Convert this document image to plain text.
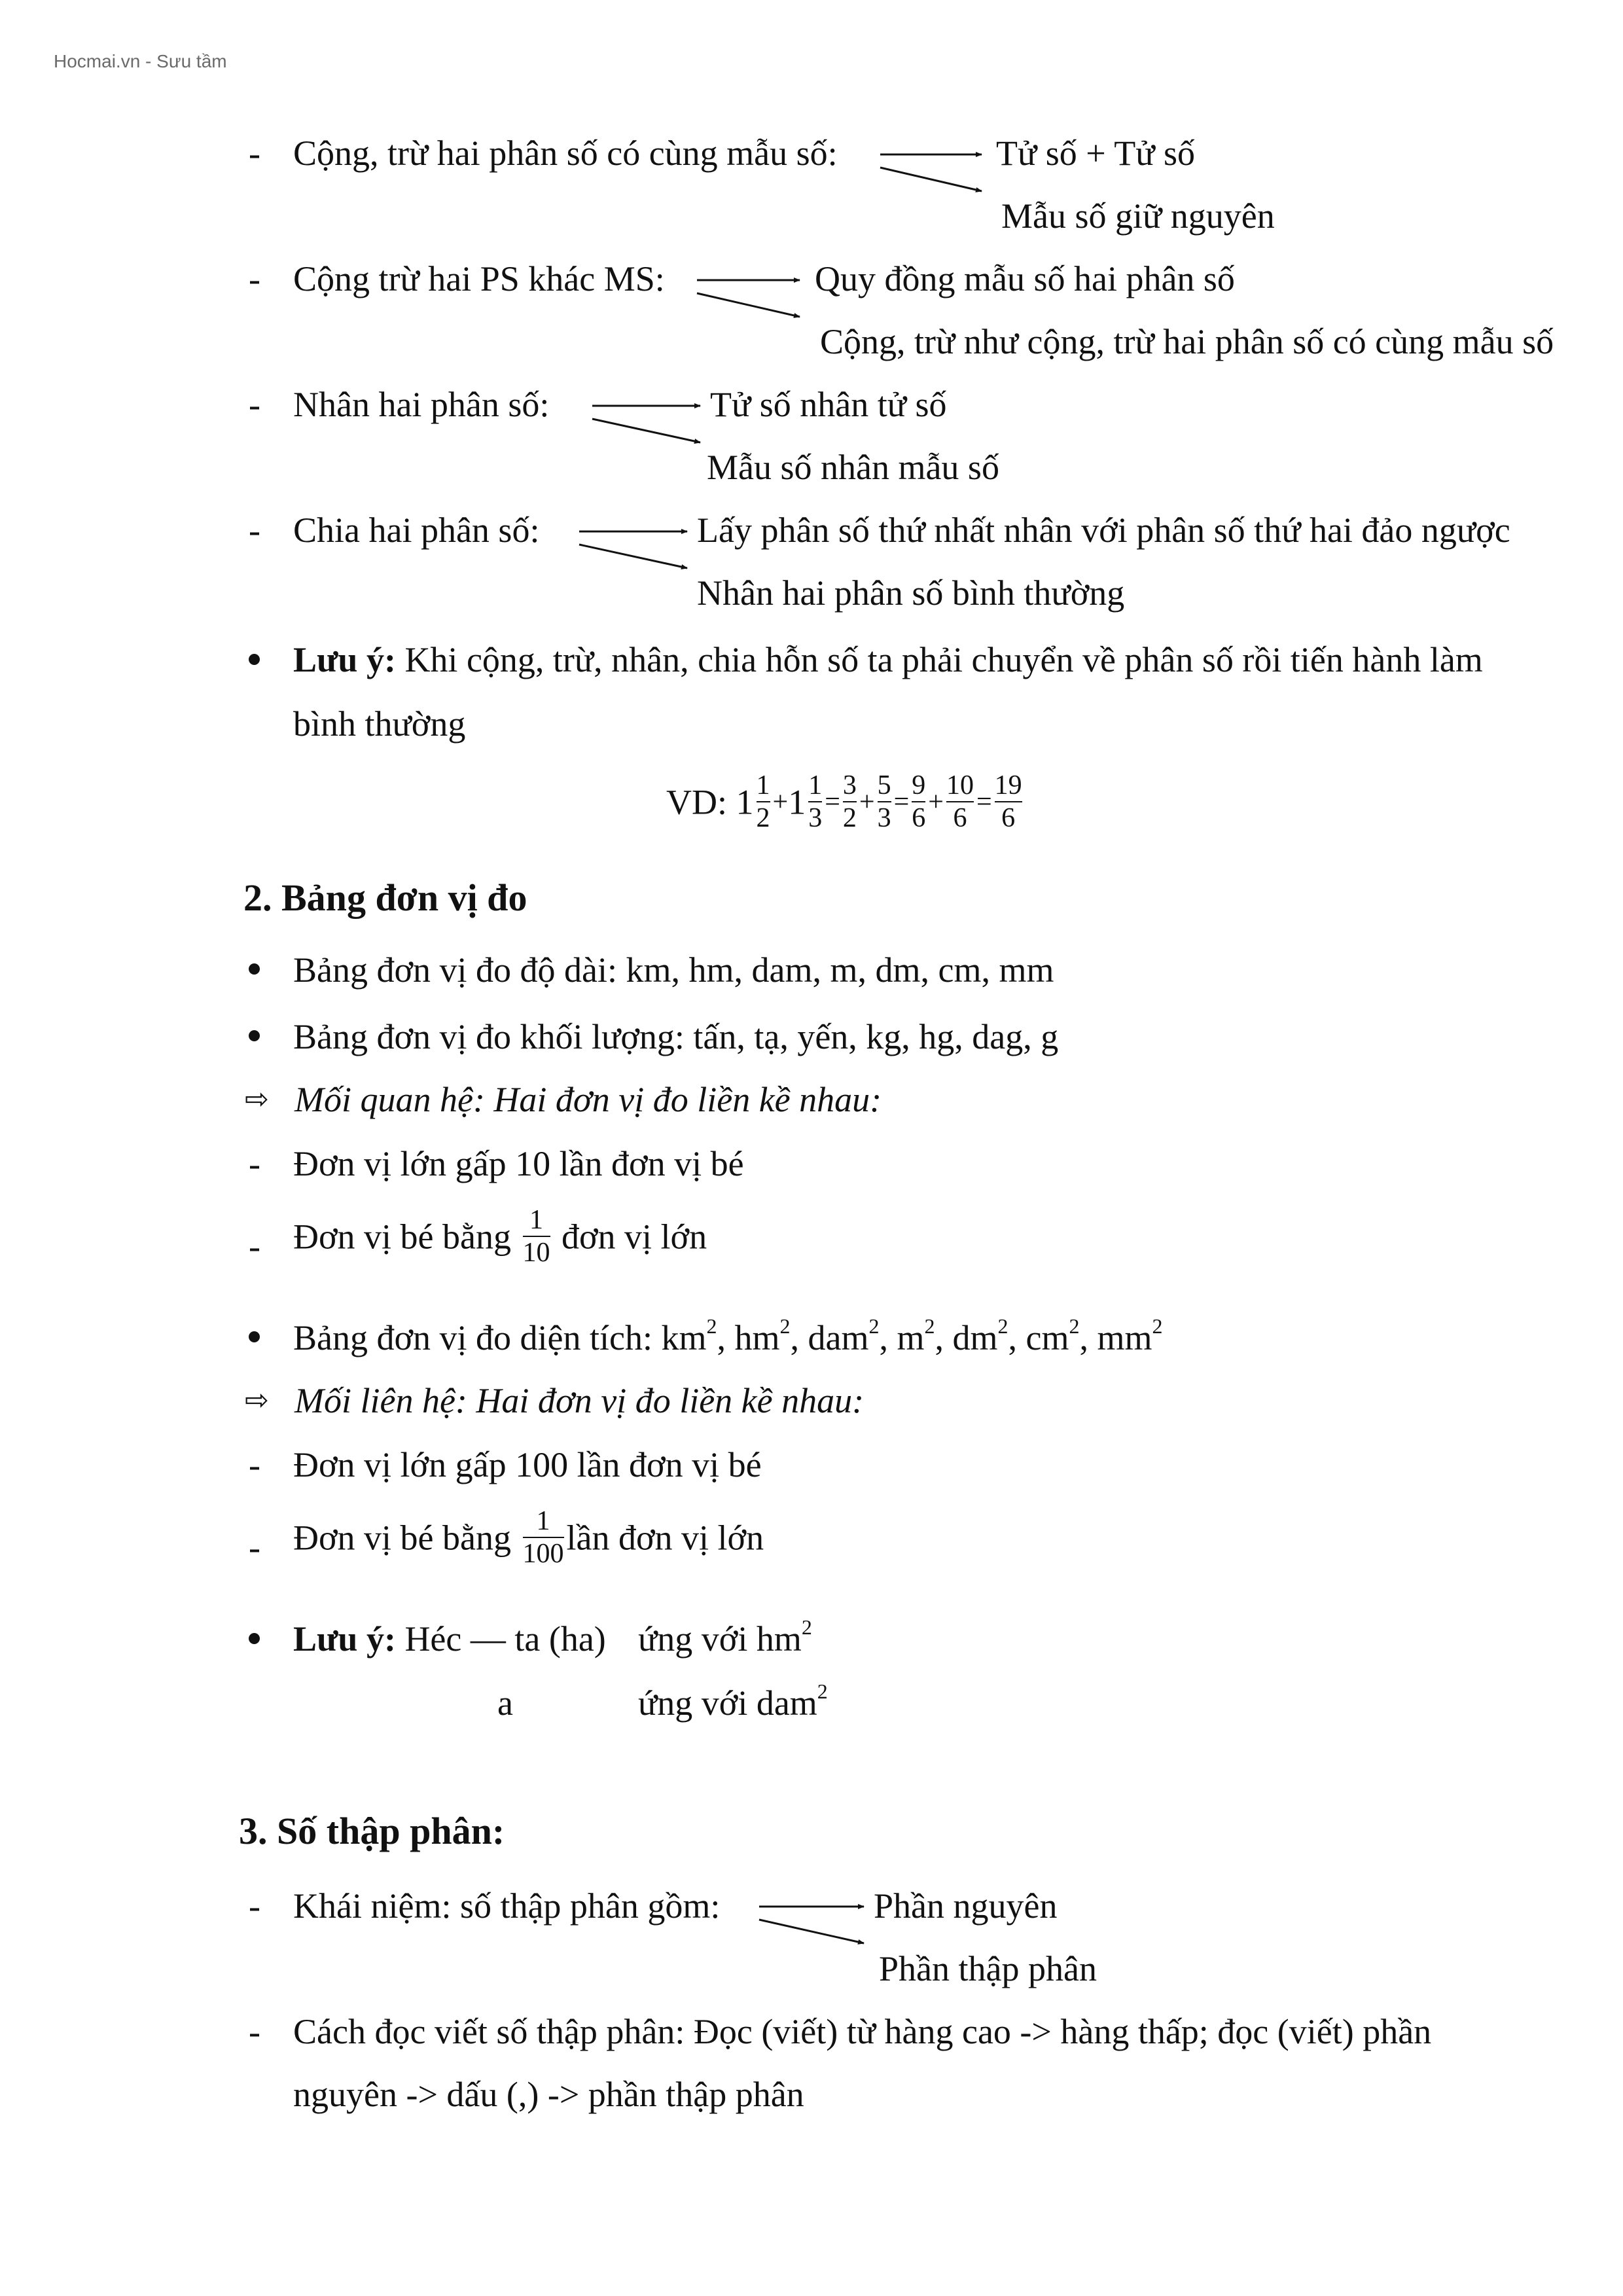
Hocmai.vn - Sưu tầm
- Cộng, trừ hai phân số có cùng mẫu số:	Tử số + Tử số
Mẫu số giữ nguyên
- Cộng trừ hai PS khác MS:	Quy đồng mẫu số hai phân số
Cộng, trừ như cộng, trừ hai phân số có cùng mẫu số
- Nhân hai phân số:	Tử số nhân tử số
Mẫu số nhân mẫu số
- Chia hai phân số:	Lấy phân số thứ nhất nhân với phân số thứ hai đảo ngược
Nhân hai phân số bình thường
Lưu ý: Khi cộng, trừ, nhân, chia hỗn số ta phải chuyển về phân số rồi tiến hành làm
bình thường
VD: $1 \frac{1}{2} +1 \frac{1}{3} = \frac{3}{2} + \frac{5}{3} = \frac{9}{6} + \frac{10}{6} = \frac{19}{6}$
2. Bảng đơn vị đo
Bảng đơn vị đo độ dài: km, hm, dam, m, dm, cm, mm
Bảng đơn vị đo khối lượng: tấn, tạ, yến, kg, hg, dag, g
⇨ Mối quan hệ: Hai đơn vị đo liền kề nhau:
- Đơn vị lớn gấp 10 lần đơn vị bé
- Đơn vị bé bằng $\frac{1}{10}$ đơn vị lớn
Bảng đơn vị đo diện tích: $km^2$, $hm^2$, dam$^2$, $m^2$, $dm^2$, $cm^2$, $mm^2$
⇨ Mối liên hệ: Hai đơn vị đo liền kề nhau:
- Đơn vị lớn gấp 100 lần đơn vị bé
- Đơn vị bé bằng $\frac{1}{100}$ lần đơn vị lớn
Lưu ý: Héc — ta (ha) ứng với $hm^2$
a	ứng với dam$^2$
3. Số thập phân:
- Khái niệm: số thập phân gồm:	Phần nguyên
Phần thập phân
- Cách đọc viết số thập phân: Đọc (viết) từ hàng cao -> hàng thấp; đọc (viết) phần
nguyên -> dấu (,) -> phần thập phân
